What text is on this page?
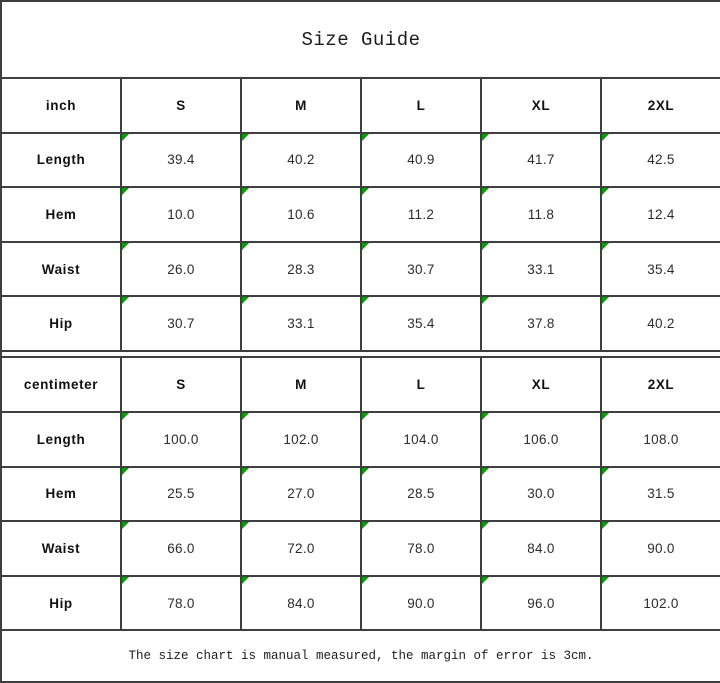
Size Guide					
inch	S	M	L	XL	2XL
Length	39.4	40.2	40.9	41.7	42.5
Hem	10.0	10.6	11.2	11.8	12.4
Waist	26.0	28.3	30.7	33.1	35.4
Hip	30.7	33.1	35.4	37.8	40.2

centimeter	S	M	L	XL	2XL
Length	100.0	102.0	104.0	106.0	108.0
Hem	25.5	27.0	28.5	30.0	31.5
Waist	66.0	72.0	78.0	84.0	90.0
Hip	78.0	84.0	90.0	96.0	102.0
The size chart is manual measured, the margin of error is 3cm.					
